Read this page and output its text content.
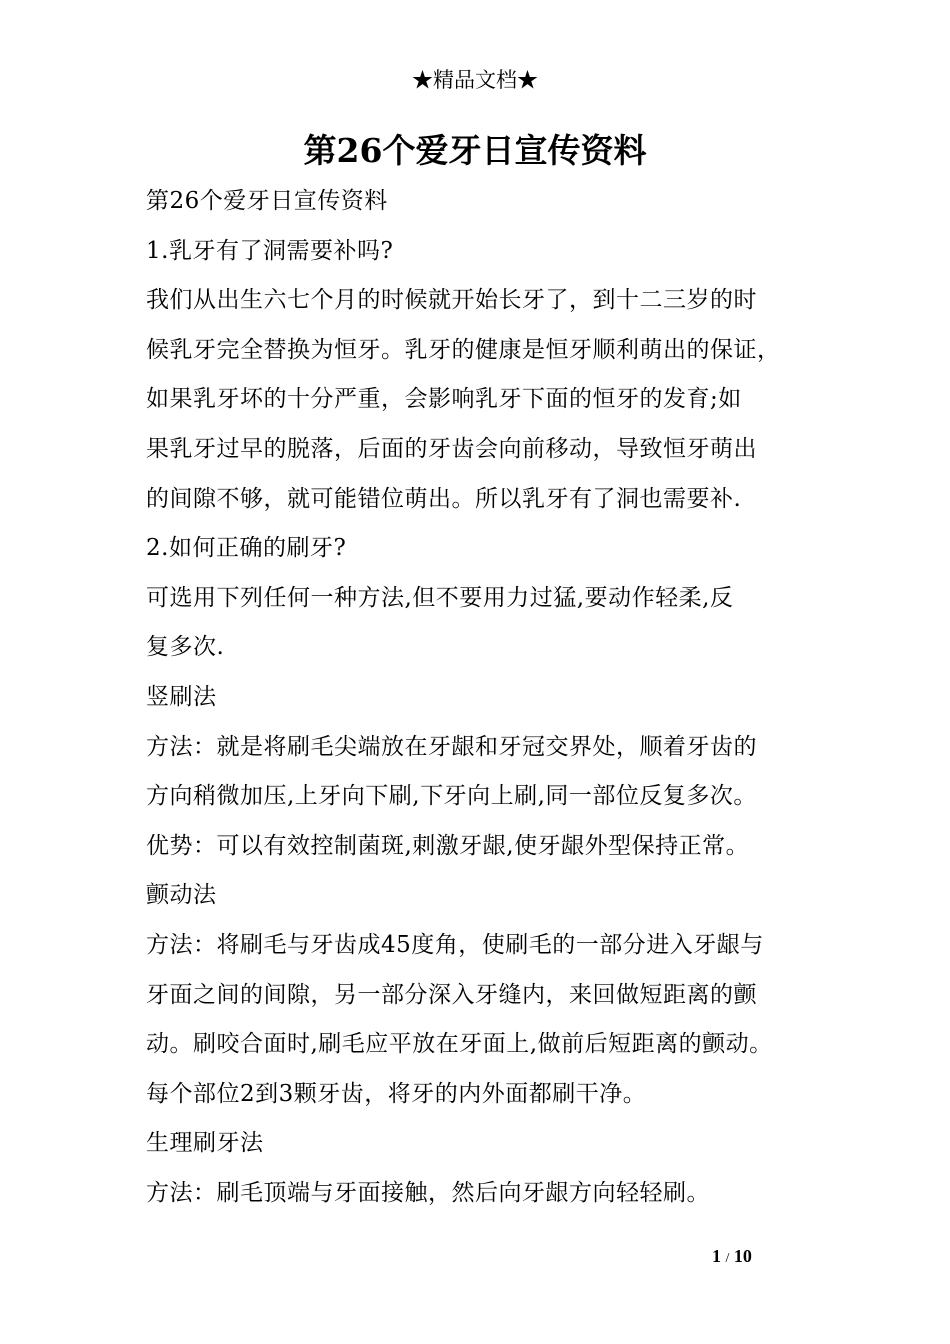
★精品文档★
第26个爱牙日宣传资料
第26个爱牙日宣传资料
1.乳牙有了洞需要补吗?
我们从出生六七个月的时候就开始长牙了，到十二三岁的时
候乳牙完全替换为恒牙。乳牙的健康是恒牙顺利萌出的保证，
如果乳牙坏的十分严重，会影响乳牙下面的恒牙的发育;如
果乳牙过早的脱落，后面的牙齿会向前移动，导致恒牙萌出
的间隙不够，就可能错位萌出。所以乳牙有了洞也需要补.
2.如何正确的刷牙?
可选用下列任何一种方法,但不要用力过猛,要动作轻柔,反
复多次.
竖刷法
方法：就是将刷毛尖端放在牙龈和牙冠交界处，顺着牙齿的
方向稍微加压,上牙向下刷,下牙向上刷,同一部位反复多次。
优势：可以有效控制菌斑,刺激牙龈,使牙龈外型保持正常。
颤动法
方法：将刷毛与牙齿成45度角，使刷毛的一部分进入牙龈与
牙面之间的间隙，另一部分深入牙缝内，来回做短距离的颤
动。刷咬合面时,刷毛应平放在牙面上,做前后短距离的颤动。
每个部位2到3颗牙齿，将牙的内外面都刷干净。
生理刷牙法
方法：刷毛顶端与牙面接触，然后向牙龈方向轻轻刷。
1 / 10
